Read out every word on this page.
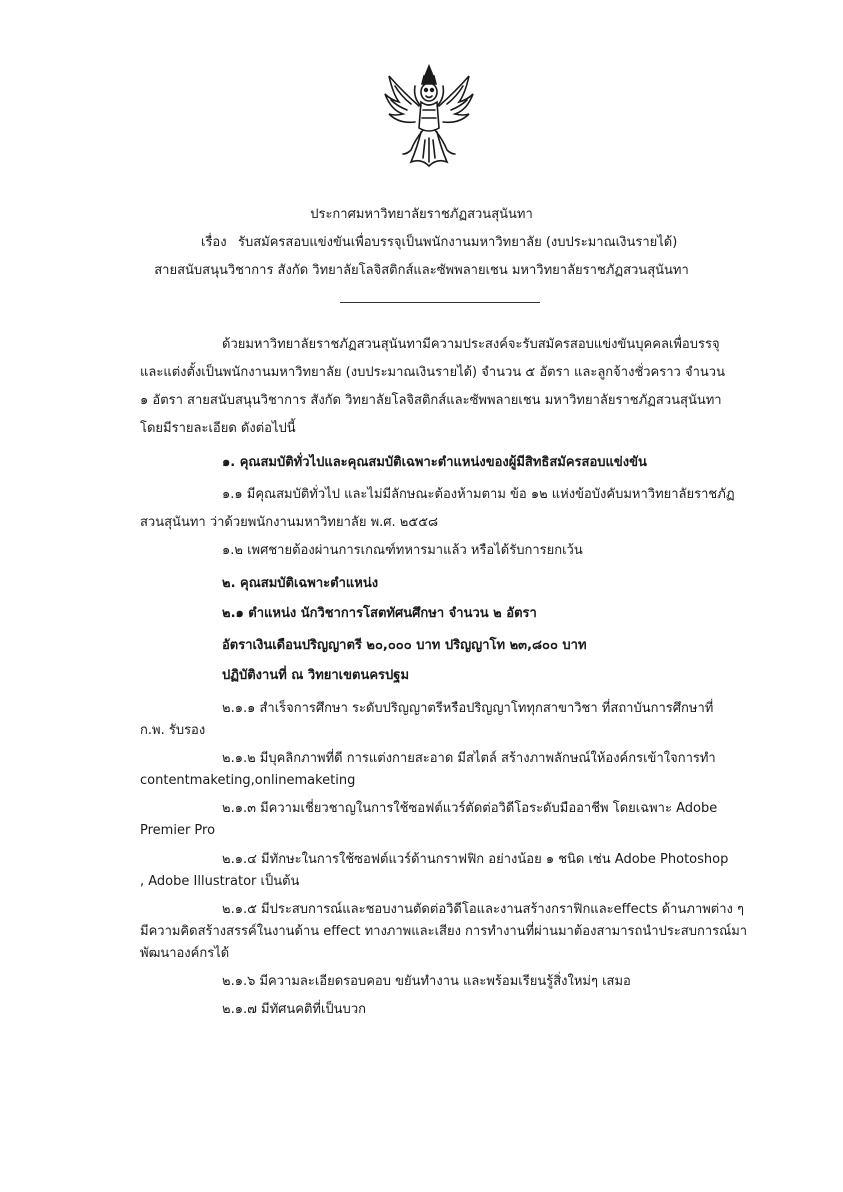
ประกาศมหาวิทยาลัยราชภัฏสวนสุนันทา
เรื่อง รับสมัครสอบแข่งขันเพื่อบรรจุเป็นพนักงานมหาวิทยาลัย (งบประมาณเงินรายได้)
สายสนับสนุนวิชาการ สังกัด วิทยาลัยโลจิสติกส์และซัพพลายเชน มหาวิทยาลัยราชภัฏสวนสุนันทา
ด้วยมหาวิทยาลัยราชภัฏสวนสุนันทามีความประสงค์จะรับสมัครสอบแข่งขันบุคคลเพื่อบรรจุ
และแต่งตั้งเป็นพนักงานมหาวิทยาลัย (งบประมาณเงินรายได้) จำนวน ๕ อัตรา และลูกจ้างชั่วคราว จำนวน
๑ อัตรา สายสนับสนุนวิชาการ สังกัด วิทยาลัยโลจิสติกส์และซัพพลายเชน มหาวิทยาลัยราชภัฏสวนสุนันทา
โดยมีรายละเอียด ดังต่อไปนี้
๑. คุณสมบัติทั่วไปและคุณสมบัติเฉพาะตำแหน่งของผู้มีสิทธิสมัครสอบแข่งขัน
๑.๑ มีคุณสมบัติทั่วไป และไม่มีลักษณะต้องห้ามตาม ข้อ ๑๒ แห่งข้อบังคับมหาวิทยาลัยราชภัฏ
สวนสุนันทา ว่าด้วยพนักงานมหาวิทยาลัย พ.ศ. ๒๕๕๘
๑.๒ เพศชายต้องผ่านการเกณฑ์ทหารมาแล้ว หรือได้รับการยกเว้น
๒. คุณสมบัติเฉพาะตำแหน่ง
๒.๑ ตำแหน่ง นักวิชาการโสตทัศนศึกษา จำนวน ๒ อัตรา
อัตราเงินเดือนปริญญาตรี ๒๐,๐๐๐ บาท ปริญญาโท ๒๓,๘๐๐ บาท
ปฏิบัติงานที่ ณ วิทยาเขตนครปฐม
๒.๑.๑ สำเร็จการศึกษา ระดับปริญญาตรีหรือปริญญาโททุกสาขาวิชา ที่สถาบันการศึกษาที่
ก.พ. รับรอง
๒.๑.๒ มีบุคลิกภาพที่ดี การแต่งกายสะอาด มีสไตล์ สร้างภาพลักษณ์ให้องค์กรเข้าใจการทำ
contentmaketing,onlinemaketing
๒.๑.๓ มีความเชี่ยวชาญในการใช้ซอฟต์แวร์ตัดต่อวิดีโอระดับมืออาชีพ โดยเฉพาะ Adobe
Premier Pro
๒.๑.๔ มีทักษะในการใช้ซอฟต์แวร์ด้านกราฟฟิก อย่างน้อย ๑ ชนิด เช่น Adobe Photoshop
, Adobe Illustrator เป็นต้น
๒.๑.๕ มีประสบการณ์และชอบงานตัดต่อวิดีโอและงานสร้างกราฟิกและeffects ด้านภาพต่าง ๆ
มีความคิดสร้างสรรค์ในงานด้าน effect ทางภาพและเสียง การทำงานที่ผ่านมาต้องสามารถนำประสบการณ์มา
พัฒนาองค์กรได้
๒.๑.๖ มีความละเอียดรอบคอบ ขยันทำงาน และพร้อมเรียนรู้สิ่งใหม่ๆ เสมอ
๒.๑.๗ มีทัศนคติที่เป็นบวก
